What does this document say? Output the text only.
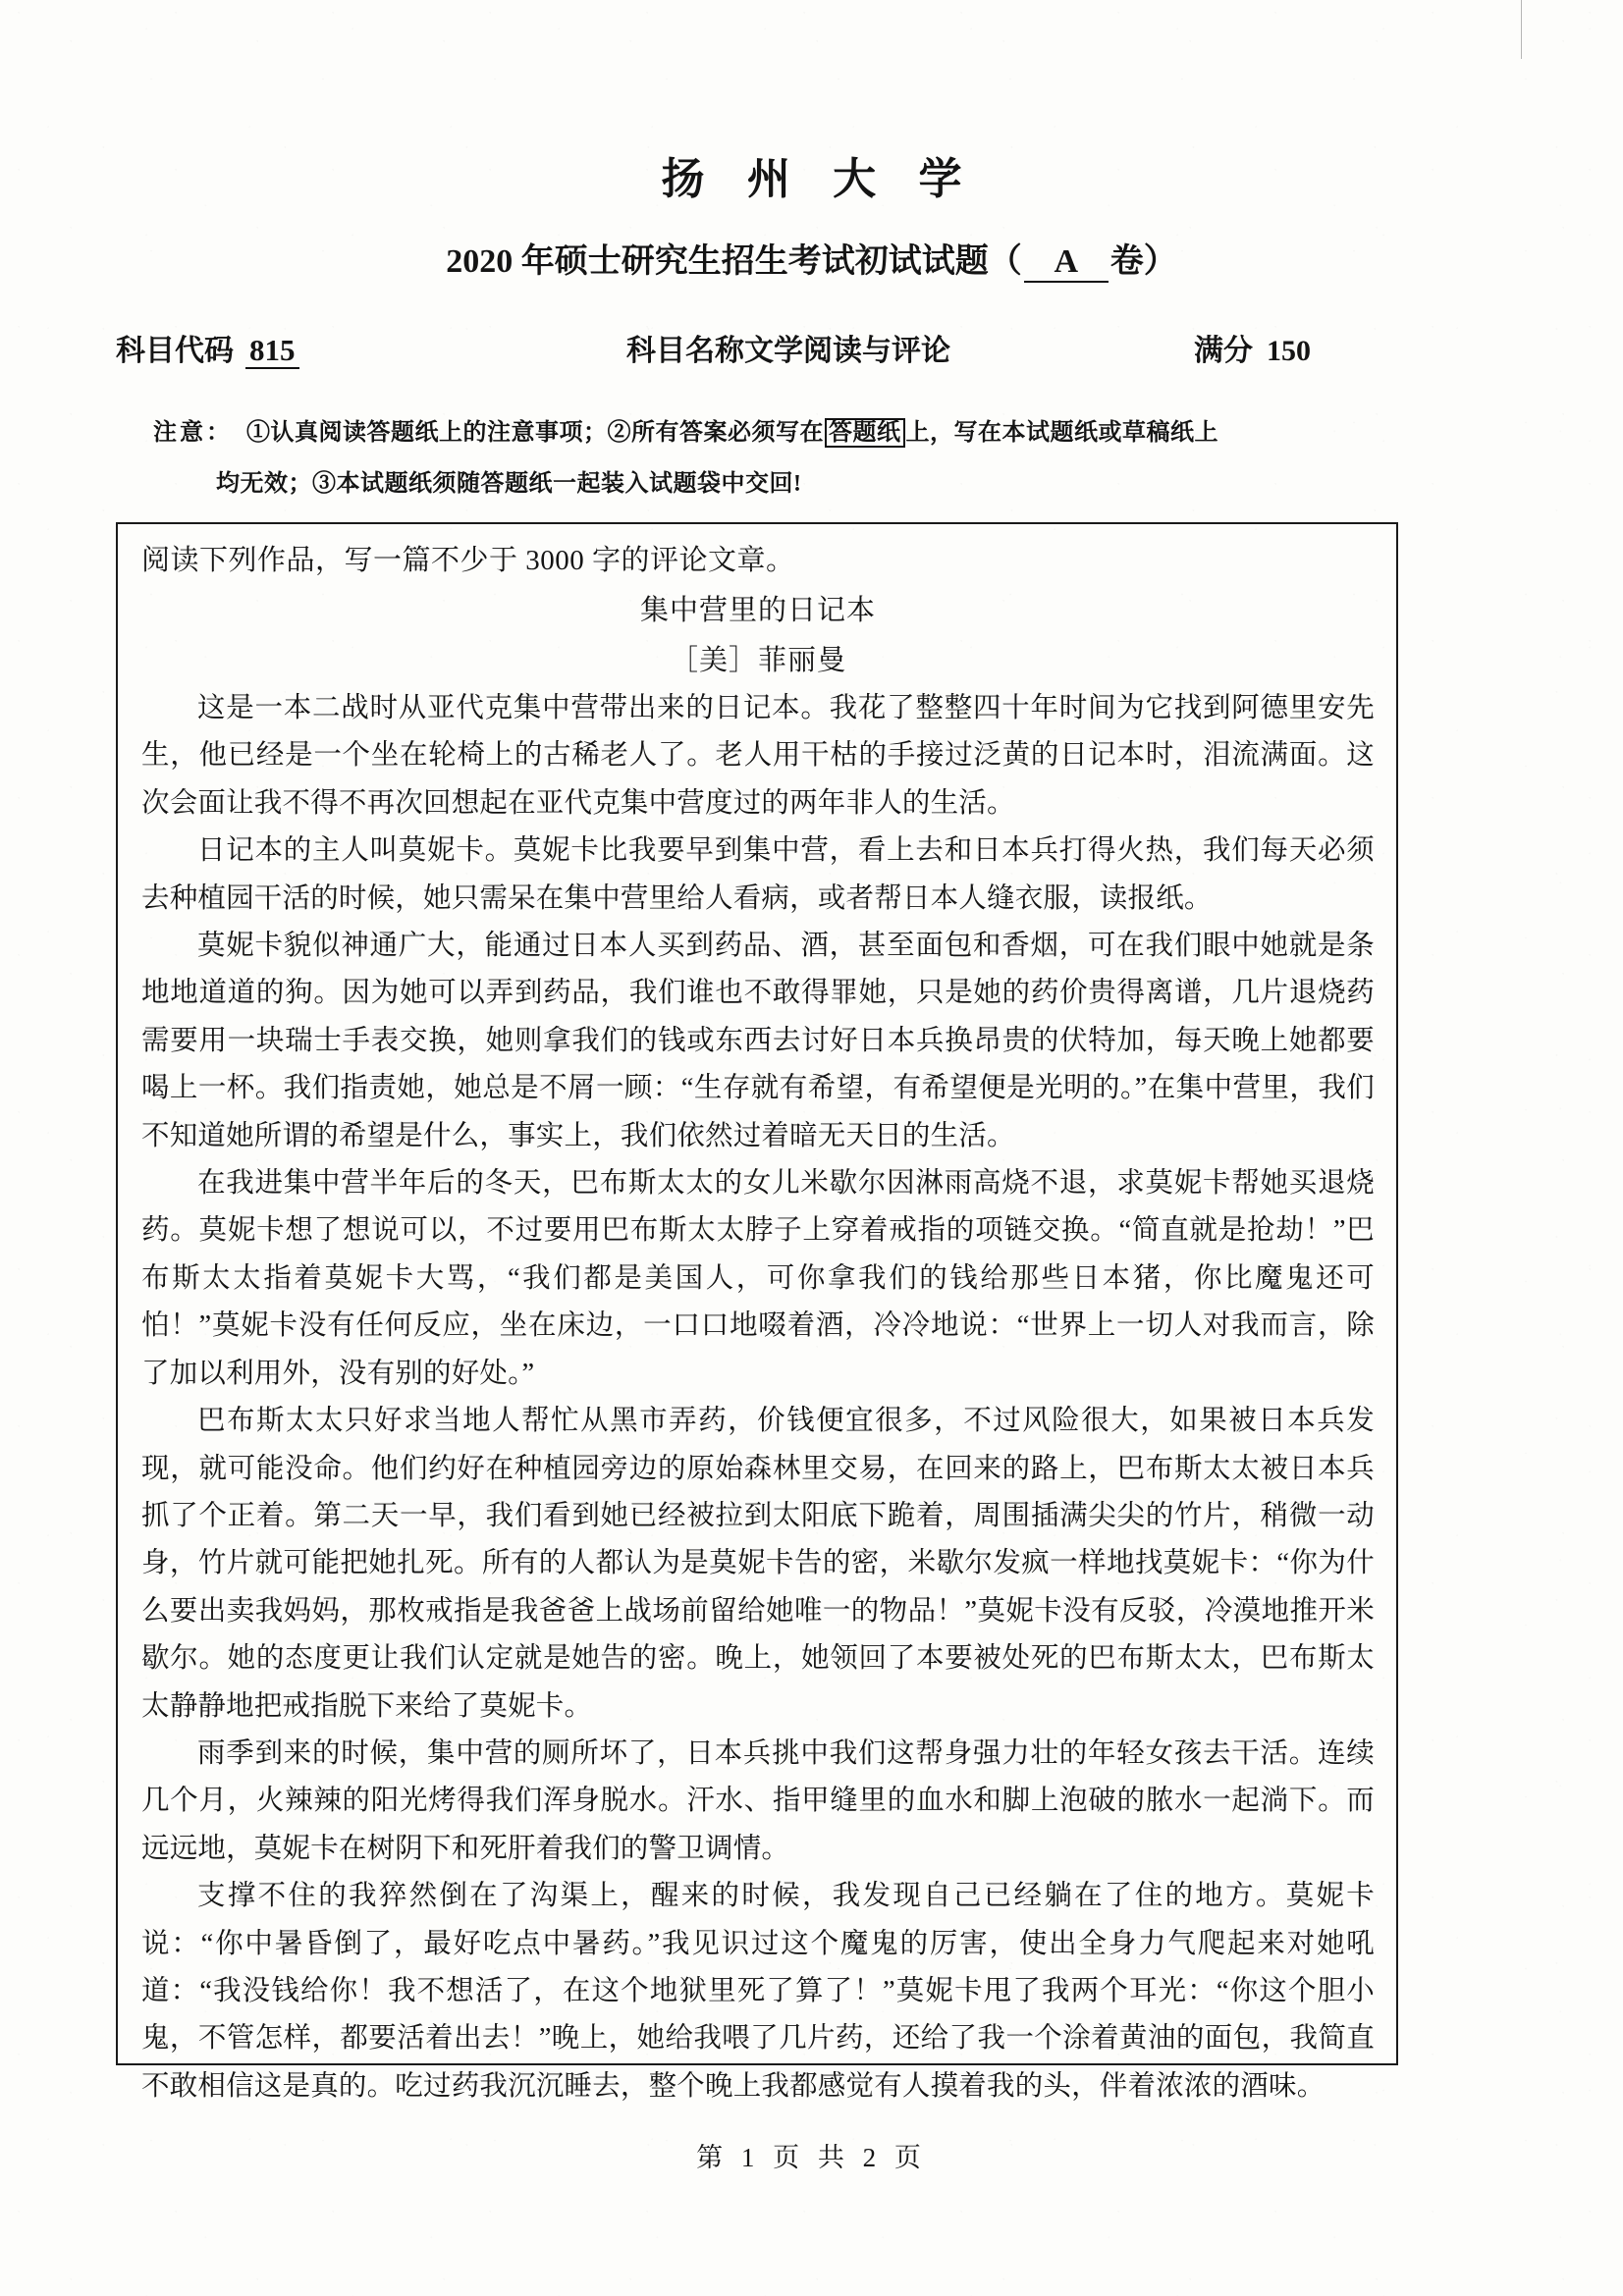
扬 州 大 学
2020 年硕士研究生招生考试初试试题（ A 卷）
科目代码 815	科目名称文学阅读与评论	满分 150
注意： ①认真阅读答题纸上的注意事项；②所有答案必须写在 答题纸 上，写在本试题纸或草稿纸上
均无效；③本试题纸须随答题纸一起装入试题袋中交回!
阅读下列作品，写一篇不少于 3000 字的评论文章。
集中营里的日记本
［美］菲丽曼

这是一本二战时从亚代克集中营带出来的日记本。我花了整整四十年时间为它找到阿德里安先生，他已经是一个坐在轮椅上的古稀老人了。老人用干枯的手接过泛黄的日记本时，泪流满面。这次会面让我不得不再次回想起在亚代克集中营度过的两年非人的生活。

日记本的主人叫莫妮卡。莫妮卡比我要早到集中营，看上去和日本兵打得火热，我们每天必须去种植园干活的时候，她只需呆在集中营里给人看病，或者帮日本人缝衣服，读报纸。

莫妮卡貌似神通广大，能通过日本人买到药品、酒，甚至面包和香烟，可在我们眼中她就是条地地道道的狗。因为她可以弄到药品，我们谁也不敢得罪她，只是她的药价贵得离谱，几片退烧药需要用一块瑞士手表交换，她则拿我们的钱或东西去讨好日本兵换昂贵的伏特加，每天晚上她都要喝上一杯。我们指责她，她总是不屑一顾：“生存就有希望，有希望便是光明的。”在集中营里，我们不知道她所谓的希望是什么，事实上，我们依然过着暗无天日的生活。

在我进集中营半年后的冬天，巴布斯太太的女儿米歇尔因淋雨高烧不退，求莫妮卡帮她买退烧药。莫妮卡想了想说可以，不过要用巴布斯太太脖子上穿着戒指的项链交换。“简直就是抢劫！”巴布斯太太指着莫妮卡大骂，“我们都是美国人，可你拿我们的钱给那些日本猪，你比魔鬼还可怕！”莫妮卡没有任何反应，坐在床边，一口口地啜着酒，冷冷地说：“世界上一切人对我而言，除了加以利用外，没有别的好处。”

巴布斯太太只好求当地人帮忙从黑市弄药，价钱便宜很多，不过风险很大，如果被日本兵发现，就可能没命。他们约好在种植园旁边的原始森林里交易，在回来的路上，巴布斯太太被日本兵抓了个正着。第二天一早，我们看到她已经被拉到太阳底下跪着，周围插满尖尖的竹片，稍微一动身，竹片就可能把她扎死。所有的人都认为是莫妮卡告的密，米歇尔发疯一样地找莫妮卡：“你为什么要出卖我妈妈，那枚戒指是我爸爸上战场前留给她唯一的物品！”莫妮卡没有反驳，冷漠地推开米歇尔。她的态度更让我们认定就是她告的密。晚上，她领回了本要被处死的巴布斯太太，巴布斯太太静静地把戒指脱下来给了莫妮卡。

雨季到来的时候，集中营的厕所坏了，日本兵挑中我们这帮身强力壮的年轻女孩去干活。连续几个月，火辣辣的阳光烤得我们浑身脱水。汗水、指甲缝里的血水和脚上泡破的脓水一起淌下。而远远地，莫妮卡在树阴下和死肝着我们的警卫调情。

支撑不住的我猝然倒在了沟渠上，醒来的时候，我发现自己已经躺在了住的地方。莫妮卡说：“你中暑昏倒了，最好吃点中暑药。”我见识过这个魔鬼的厉害，使出全身力气爬起来对她吼道：“我没钱给你！我不想活了，在这个地狱里死了算了！”莫妮卡甩了我两个耳光：“你这个胆小鬼，不管怎样，都要活着出去！”晚上，她给我喂了几片药，还给了我一个涂着黄油的面包，我简直不敢相信这是真的。吃过药我沉沉睡去，整个晚上我都感觉有人摸着我的头，伴着浓浓的酒味。

第 1 页 共 2 页
